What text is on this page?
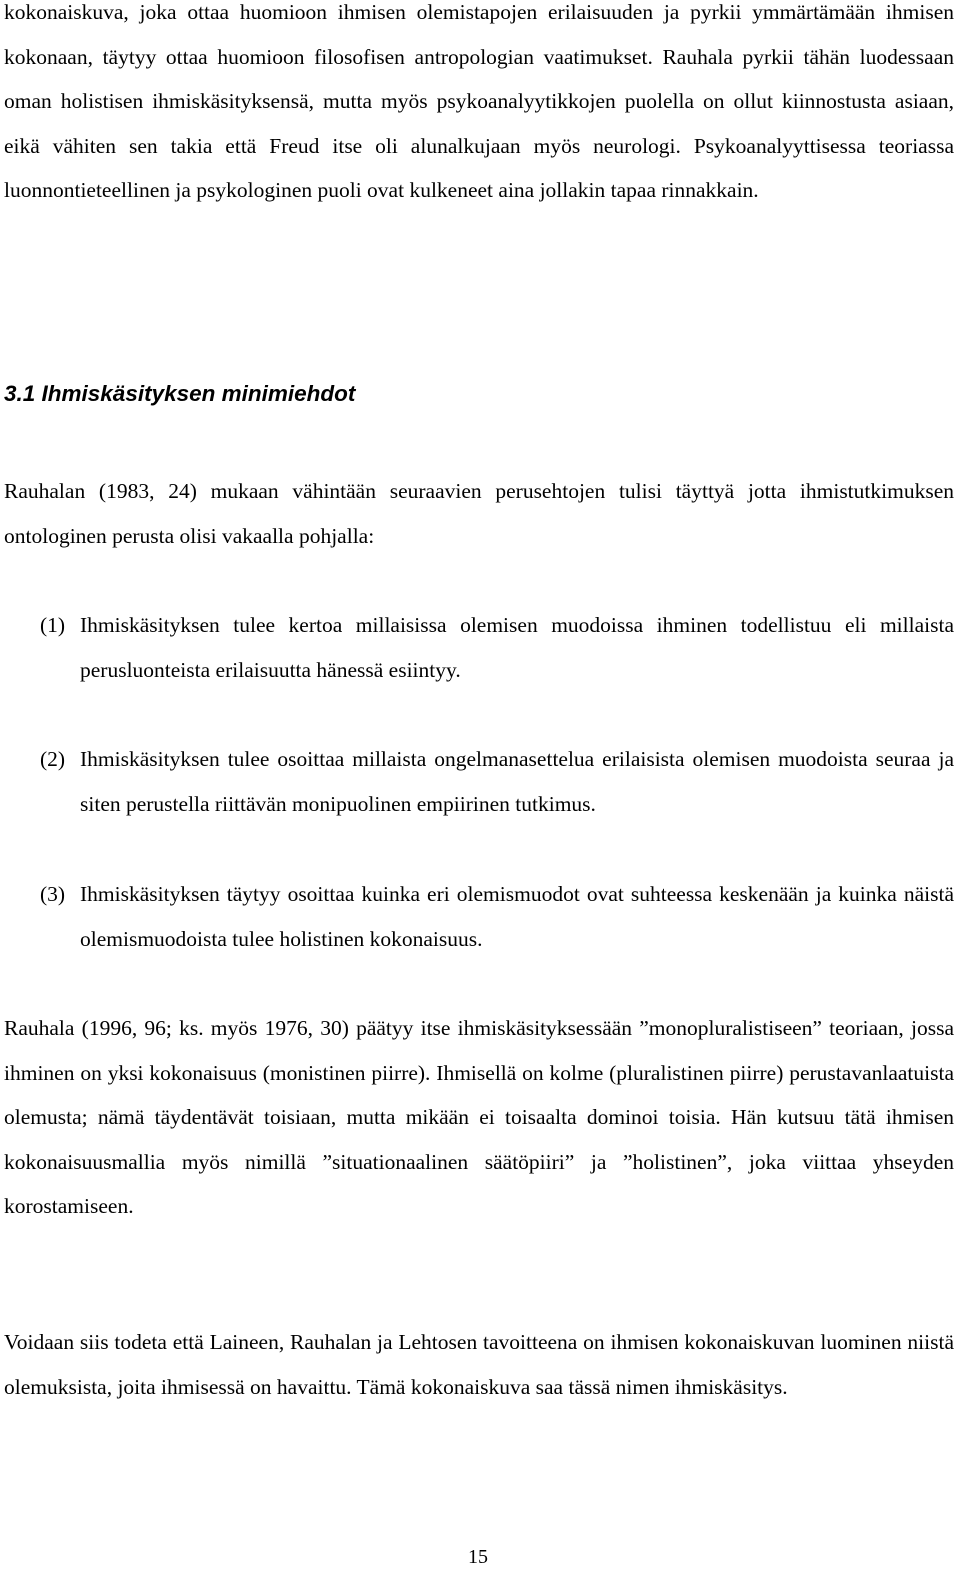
kokonaiskuva, joka ottaa huomioon ihmisen olemistapojen erilaisuuden ja pyrkii ymmärtämään ihmisen kokonaan, täytyy ottaa huomioon filosofisen antropologian vaatimukset. Rauhala pyrkii tähän luodessaan oman holistisen ihmiskäsityksensä, mutta myös psykoanalyytikkojen puolella on ollut kiinnostusta asiaan, eikä vähiten sen takia että Freud itse oli alunalkujaan myös neurologi. Psykoanalyyttisessa teoriassa luonnontieteellinen ja psykologinen puoli ovat kulkeneet aina jollakin tapaa rinnakkain.

3.1 Ihmiskäsityksen minimiehdot

Rauhalan (1983, 24) mukaan vähintään seuraavien perusehtojen tulisi täyttyä jotta ihmistutkimuksen ontologinen perusta olisi vakaalla pohjalla:

(1) Ihmiskäsityksen tulee kertoa millaisissa olemisen muodoissa ihminen todellistuu eli millaista perusluonteista erilaisuutta hänessä esiintyy.
(2) Ihmiskäsityksen tulee osoittaa millaista ongelmanasettelua erilaisista olemisen muodoista seuraa ja siten perustella riittävän monipuolinen empiirinen tutkimus.
(3) Ihmiskäsityksen täytyy osoittaa kuinka eri olemismuodot ovat suhteessa keskenään ja kuinka näistä olemismuodoista tulee holistinen kokonaisuus.

Rauhala (1996, 96; ks. myös 1976, 30) päätyy itse ihmiskäsityksessään ”monopluralistiseen” teoriaan, jossa ihminen on yksi kokonaisuus (monistinen piirre). Ihmisellä on kolme (pluralistinen piirre) perustavanlaatuista olemusta; nämä täydentävät toisiaan, mutta mikään ei toisaalta dominoi toisia. Hän kutsuu tätä ihmisen kokonaisuusmallia myös nimillä ”situationaalinen säätöpiiri” ja ”holistinen”, joka viittaa yhseyden korostamiseen.

Voidaan siis todeta että Laineen, Rauhalan ja Lehtosen tavoitteena on ihmisen kokonaiskuvan luominen niistä olemuksista, joita ihmisessä on havaittu. Tämä kokonaiskuva saa tässä nimen ihmiskäsitys.

15
